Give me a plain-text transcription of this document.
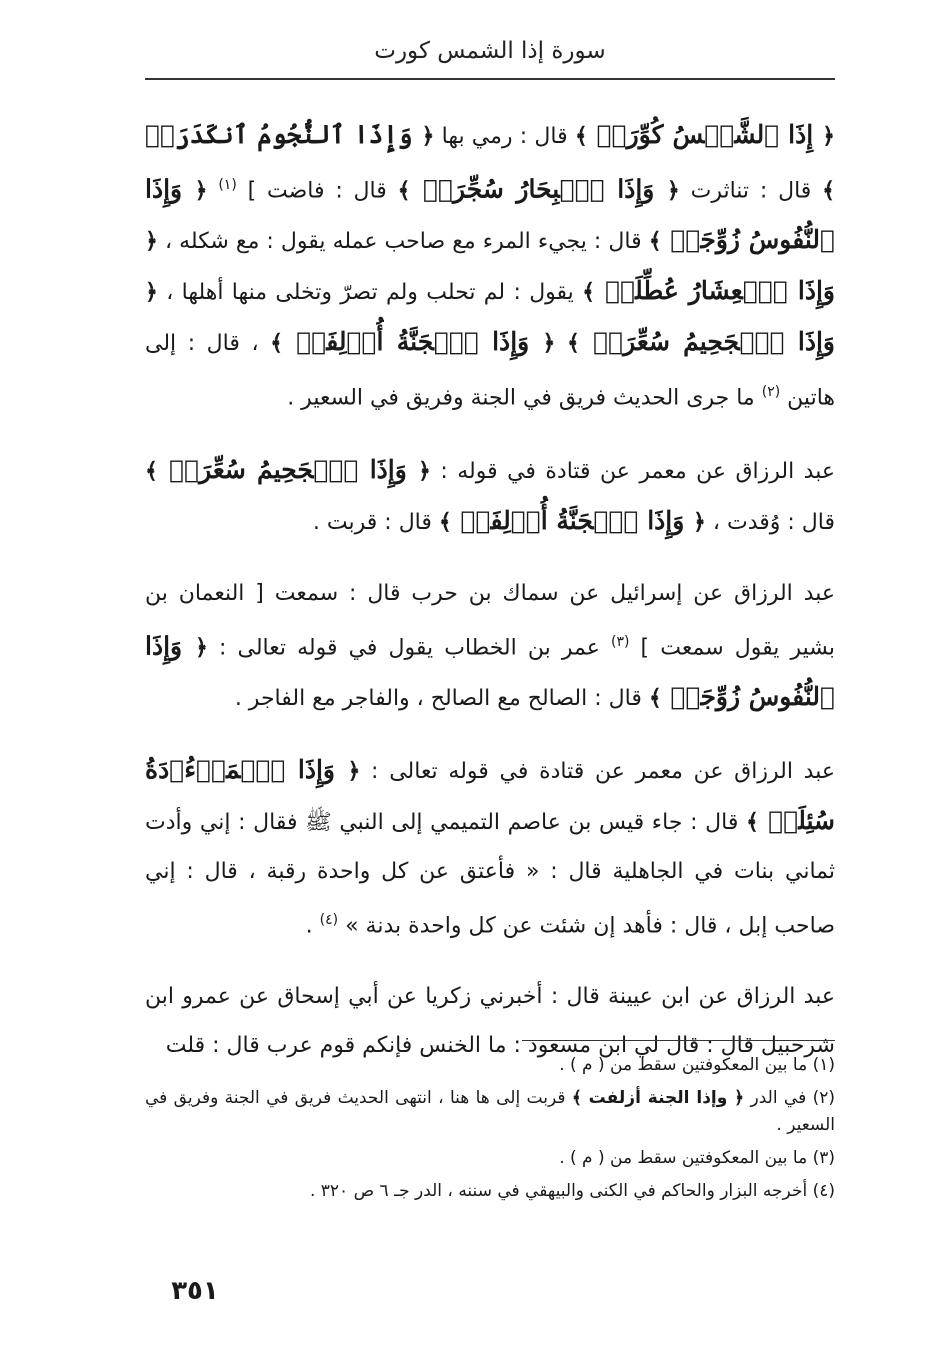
سورة إذا الشمس كورت

﴿ إِذَا ٱلشَّمۡسُ كُوِّرَتۡ ﴾ قال : رمي بها ﴿ وَإِذَا ٱلنُّجُومُ ٱنكَدَرَتۡ ﴾ قال : تناثرت ﴿ وَإِذَا ٱلۡبِحَارُ سُجِّرَتۡ ﴾ قال : فاضت ] $^{(١)}$ ﴿ وَإِذَا ٱلنُّفُوسُ زُوِّجَتۡ ﴾ قال : يجيء المرء مع صاحب عمله يقول : مع شكله ، ﴿ وَإِذَا ٱلۡعِشَارُ عُطِّلَتۡ ﴾ يقول : لم تحلب ولم تصرّ وتخلى منها أهلها ، ﴿ وَإِذَا ٱلۡجَحِيمُ سُعِّرَتۡ ﴾ ﴿ وَإِذَا ٱلۡجَنَّةُ أُزۡلِفَتۡ ﴾ ، قال : إلى هاتين $^{(٢)}$ ما جرى الحديث فريق في الجنة وفريق في السعير .

عبد الرزاق عن معمر عن قتادة في قوله : ﴿ وَإِذَا ٱلۡجَحِيمُ سُعِّرَتۡ ﴾ قال : وُقدت ، ﴿ وَإِذَا ٱلۡجَنَّةُ أُزۡلِفَتۡ ﴾ قال : قربت .

عبد الرزاق عن إسرائيل عن سماك بن حرب قال : سمعت [ النعمان بن بشير يقول سمعت ] $^{(٣)}$ عمر بن الخطاب يقول في قوله تعالى : ﴿ وَإِذَا ٱلنُّفُوسُ زُوِّجَتۡ ﴾ قال : الصالح مع الصالح ، والفاجر مع الفاجر .

عبد الرزاق عن معمر عن قتادة في قوله تعالى : ﴿ وَإِذَا ٱلۡمَوۡءُۥدَةُ سُئِلَتۡ ﴾ قال : جاء قيس بن عاصم التميمي إلى النبي ﷺ فقال : إني وأدت ثماني بنات في الجاهلية قال : « فأعتق عن كل واحدة رقبة ، قال : إني صاحب إبل ، قال : فأهد إن شئت عن كل واحدة بدنة » $^{(٤)}$ .

عبد الرزاق عن ابن عيينة قال : أخبرني زكريا عن أبي إسحاق عن عمرو ابن شرحبيل قال : قال لي ابن مسعود : ما الخنس فإنكم قوم عرب قال : قلت

(١) ما بين المعكوفتين سقط من ( م ) .

(٢) في الدر ﴿ وإذا الجنة أزلفت ﴾ قربت إلى ها هنا ، انتهى الحديث فريق في الجنة وفريق في السعير .

(٣) ما بين المعكوفتين سقط من ( م ) .

(٤) أخرجه البزار والحاكم في الكنى والبيهقي في سننه ، الدر جـ ٦ ص ٣٢٠ .

٣٥١
